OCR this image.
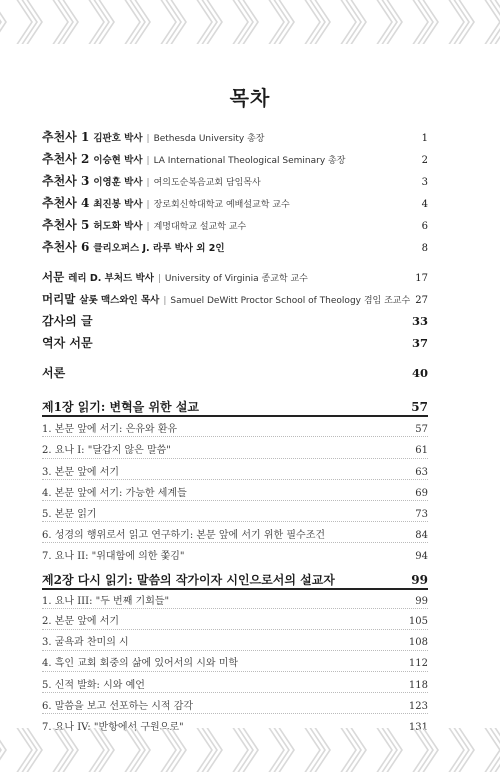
목차
추천사 1 김판호 박사 | Bethesda University 총장	1
추천사 2 이승현 박사 | LA International Theological Seminary 총장	2
추천사 3 이영훈 박사 | 여의도순복음교회 담임목사	3
추천사 4 최진봉 박사 | 장로회신학대학교 예배설교학 교수	4
추천사 5 허도화 박사 | 계명대학교 설교학 교수	6
추천사 6 클리오퍼스 J. 라루 박사 외 2인	8
서문 레리 D. 부처드 박사 | University of Virginia 종교학 교수	17
머리말 살롯 맥스와인 목사 | Samuel DeWitt Proctor School of Theology 겸임 조교수 27
감사의 글	33
역자 서문	37
서론	40
제1장 읽기: 변혁을 위한 설교	57
1. 본문 앞에 서기: 은유와 환유	57
2. 요나 I: "달갑지 않은 말씀"	61
3. 본문 앞에 서기	63
4. 본문 앞에 서기: 가능한 세계들	69
5. 본문 읽기	73
6. 성경의 행위로서 읽고 연구하기: 본문 앞에 서기 위한 필수조건	84
7. 요나 II: "위대함에 의한 쫓김"	94
제2장 다시 읽기: 말씀의 작가이자 시인으로서의 설교자	99
1. 요나 III: "두 번째 기회들"	99
2. 본문 앞에 서기	105
3. 굴욕과 찬미의 시	108
4. 흑인 교회 회중의 삶에 있어서의 시와 미학	112
5. 신적 발화: 시와 예언	118
6. 말씀을 보고 선포하는 시적 감각	123
7. 요나 IV: "반항에서 구원으로"	131
